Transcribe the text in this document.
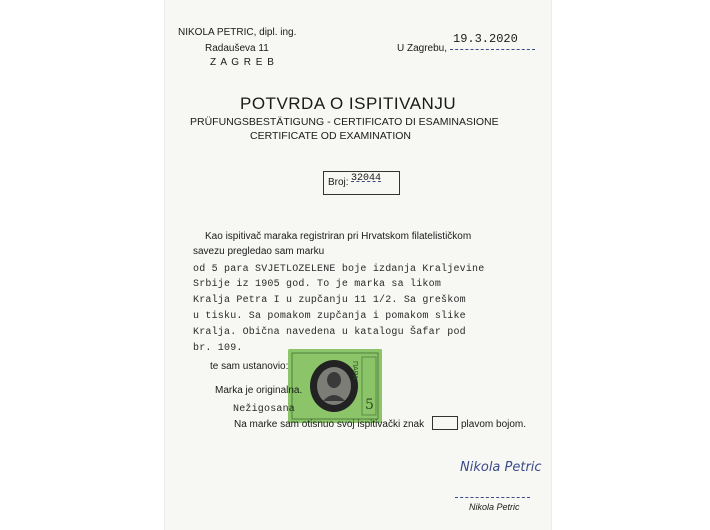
NIKOLA PETRIC, dipl. ing.
Radauševa 11
Z A G R E B
U Zagrebu,
19.3.2020
POTVRDA O ISPITIVANJU
PRÜFUNGSBESTÄTIGUNG - CERTIFICATO DI ESAMINASIONE
CERTIFICATE OD EXAMINATION
Broj: 32044
Kao ispitivač maraka registriran pri Hrvatskom filatelističkom
savezu pregledao sam marku
od 5 para SVJETLOZELENE boje izdanja Kraljevine
Srbije iz 1905 god. To je marka sa likom
Kralja Petra I u zupčanju 11 1/2. Sa greškom
u tisku. Sa pomakom zupčanja i pomakom slike
Kralja. Obična navedena u katalogu Šafar pod
br. 109.
te sam ustanovio:
5
ПАРА
Marka je originalna.
Nežigosana
Na marke sam otisnuo svoj ispitivački znak	plavom bojom.
Nikola Petric
Nikola Petric
